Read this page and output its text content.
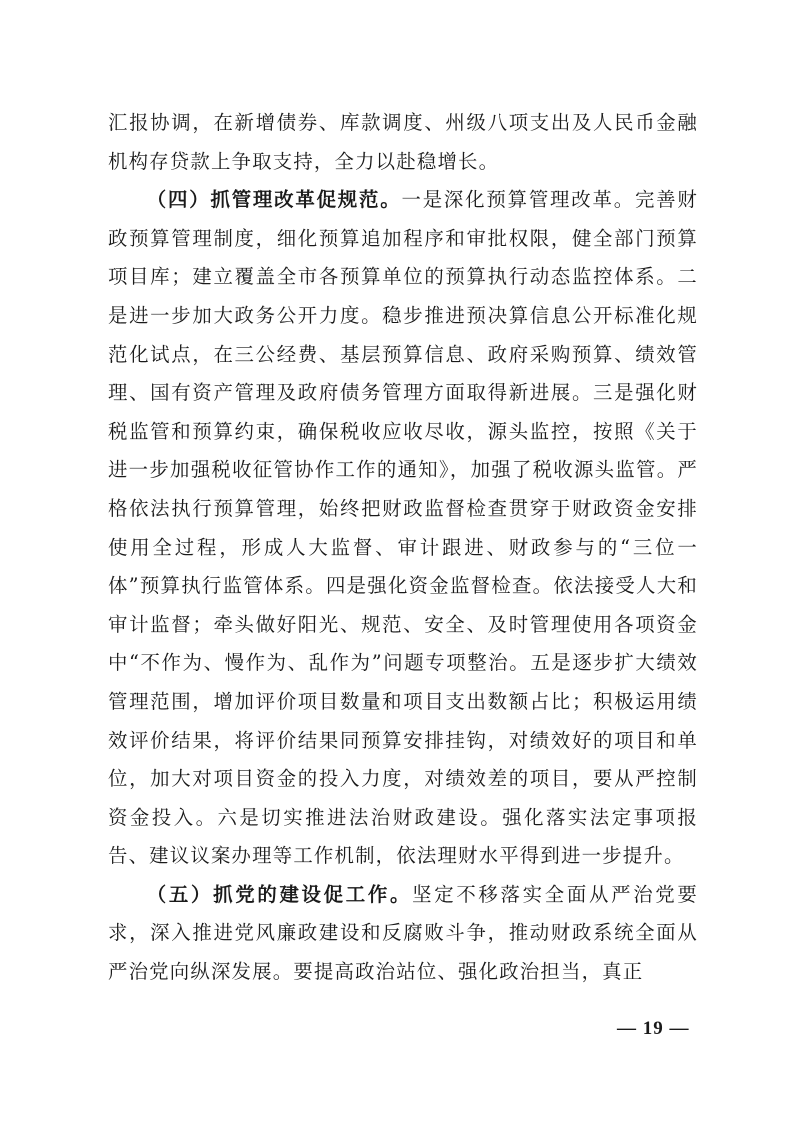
汇报协调，在新增债券、库款调度、州级八项支出及人民币金融机构存贷款上争取支持，全力以赴稳增长。

（四）抓管理改革促规范。一是深化预算管理改革。完善财政预算管理制度，细化预算追加程序和审批权限，健全部门预算项目库；建立覆盖全市各预算单位的预算执行动态监控体系。二是进一步加大政务公开力度。稳步推进预决算信息公开标准化规范化试点，在三公经费、基层预算信息、政府采购预算、绩效管理、国有资产管理及政府债务管理方面取得新进展。三是强化财税监管和预算约束，确保税收应收尽收，源头监控，按照《关于进一步加强税收征管协作工作的通知》，加强了税收源头监管。严格依法执行预算管理，始终把财政监督检查贯穿于财政资金安排使用全过程，形成人大监督、审计跟进、财政参与的“三位一体”预算执行监管体系。四是强化资金监督检查。依法接受人大和审计监督；牵头做好阳光、规范、安全、及时管理使用各项资金中“不作为、慢作为、乱作为”问题专项整治。五是逐步扩大绩效管理范围，增加评价项目数量和项目支出数额占比；积极运用绩效评价结果，将评价结果同预算安排挂钩，对绩效好的项目和单位，加大对项目资金的投入力度，对绩效差的项目，要从严控制资金投入。六是切实推进法治财政建设。强化落实法定事项报告、建议议案办理等工作机制，依法理财水平得到进一步提升。

（五）抓党的建设促工作。坚定不移落实全面从严治党要求，深入推进党风廉政建设和反腐败斗争，推动财政系统全面从严治党向纵深发展。要提高政治站位、强化政治担当，真正

— 19 —
